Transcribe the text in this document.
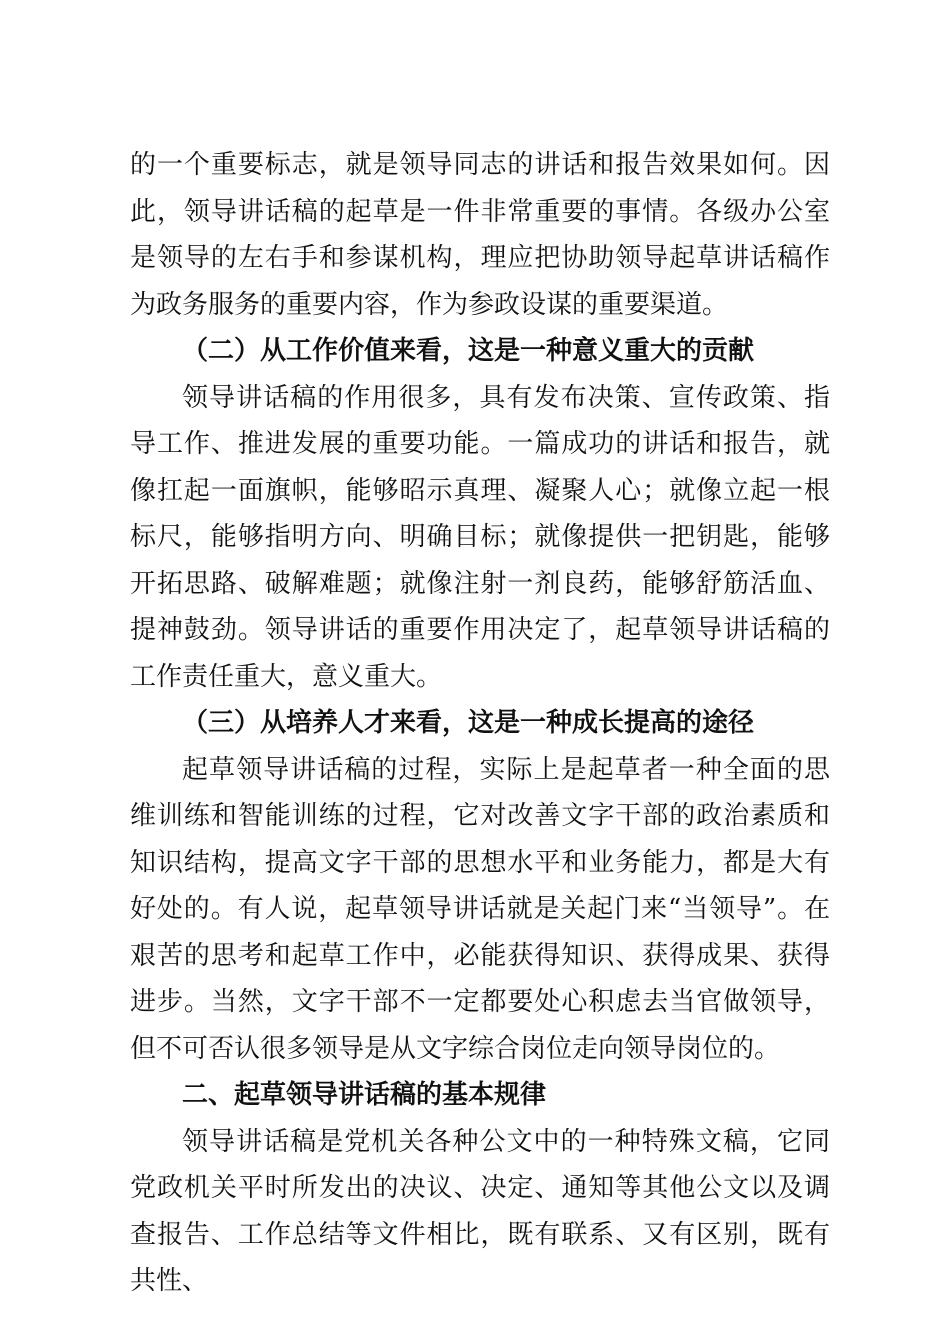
的一个重要标志，就是领导同志的讲话和报告效果如何。因此，领导讲话稿的起草是一件非常重要的事情。各级办公室是领导的左右手和参谋机构，理应把协助领导起草讲话稿作为政务服务的重要内容，作为参政设谋的重要渠道。

（二）从工作价值来看，这是一种意义重大的贡献

领导讲话稿的作用很多，具有发布决策、宣传政策、指导工作、推进发展的重要功能。一篇成功的讲话和报告，就像扛起一面旗帜，能够昭示真理、凝聚人心；就像立起一根标尺，能够指明方向、明确目标；就像提供一把钥匙，能够开拓思路、破解难题；就像注射一剂良药，能够舒筋活血、提神鼓劲。领导讲话的重要作用决定了，起草领导讲话稿的工作责任重大，意义重大。

（三）从培养人才来看，这是一种成长提高的途径

起草领导讲话稿的过程，实际上是起草者一种全面的思维训练和智能训练的过程，它对改善文字干部的政治素质和知识结构，提高文字干部的思想水平和业务能力，都是大有好处的。有人说，起草领导讲话就是关起门来“当领导”。在艰苦的思考和起草工作中，必能获得知识、获得成果、获得进步。当然，文字干部不一定都要处心积虑去当官做领导，但不可否认很多领导是从文字综合岗位走向领导岗位的。

二、起草领导讲话稿的基本规律

领导讲话稿是党机关各种公文中的一种特殊文稿，它同党政机关平时所发出的决议、决定、通知等其他公文以及调查报告、工作总结等文件相比，既有联系、又有区别，既有共性、
